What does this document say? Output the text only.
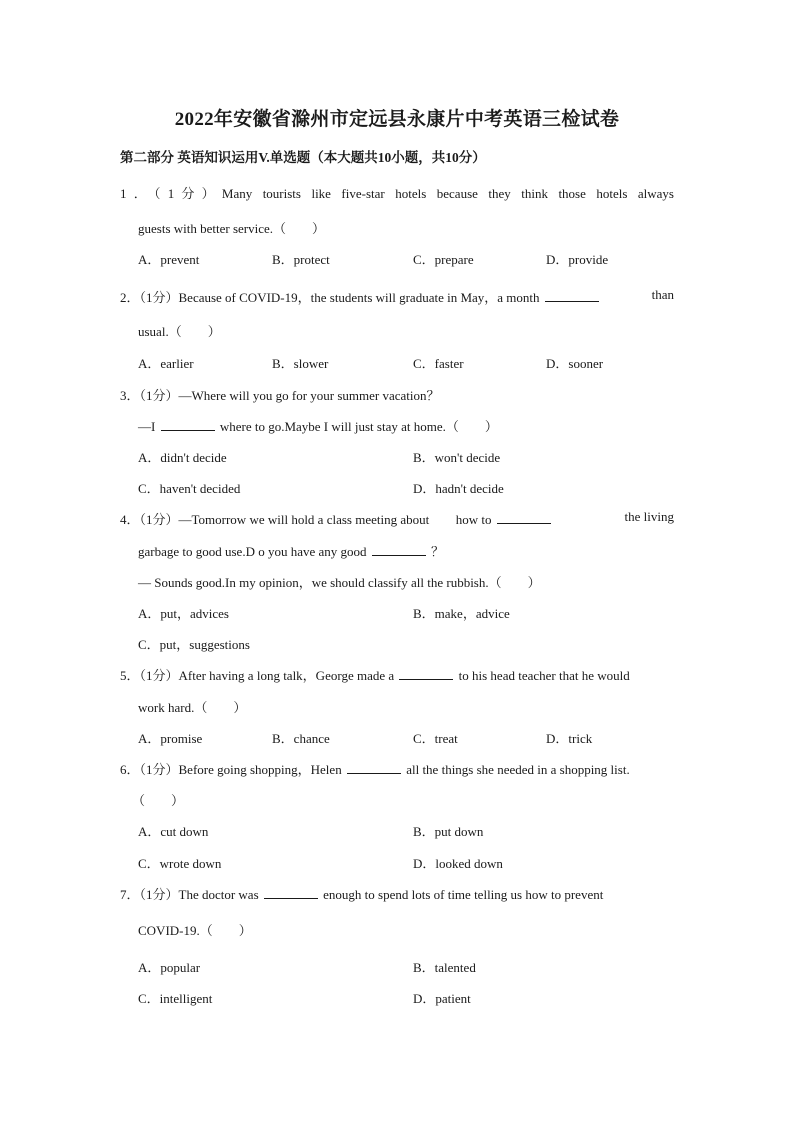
2022年安徽省滁州市定远县永康片中考英语三检试卷
第二部分 英语知识运用V.单选题（本大题共10小题，共10分）
1．（1分）Many tourists like five-star hotels because they think those hotels always
guests with better service.（　　）
A．prevent	B．protect	C．prepare	D．provide
2．（1分）Because of COVID-19，the students will graduate in May，a month	than
usual.（　　）
A．earlier	B．slower	C．faster	D．sooner
3．（1分）—Where will you go for your summer vacation？
—I	where to go.Maybe I will just stay at home.（　　）
A．didn't decide	B．won't decide
C．haven't decided	D．hadn't decide
4．（1分）—Tomorrow we will hold a class meeting about how to	the living
garbage to good use.D o you have any good	？
— Sounds good.In my opinion，we should classify all the rubbish.（　　）
A．put，advices	B．make，advice
C．put，suggestions
5．（1分）After having a long talk，George made a	to his head teacher that he would
work hard.（　　）
A．promise	B．chance	C．treat	D．trick
6．（1分）Before going shopping，Helen	all the things she needed in a shopping list.
（　　）
A．cut down	B．put down
C．wrote down	D．looked down
7．（1分）The doctor was	enough to spend lots of time telling us how to prevent
COVID-19.（　　）
A．popular	B．talented
C．intelligent	D．patient
